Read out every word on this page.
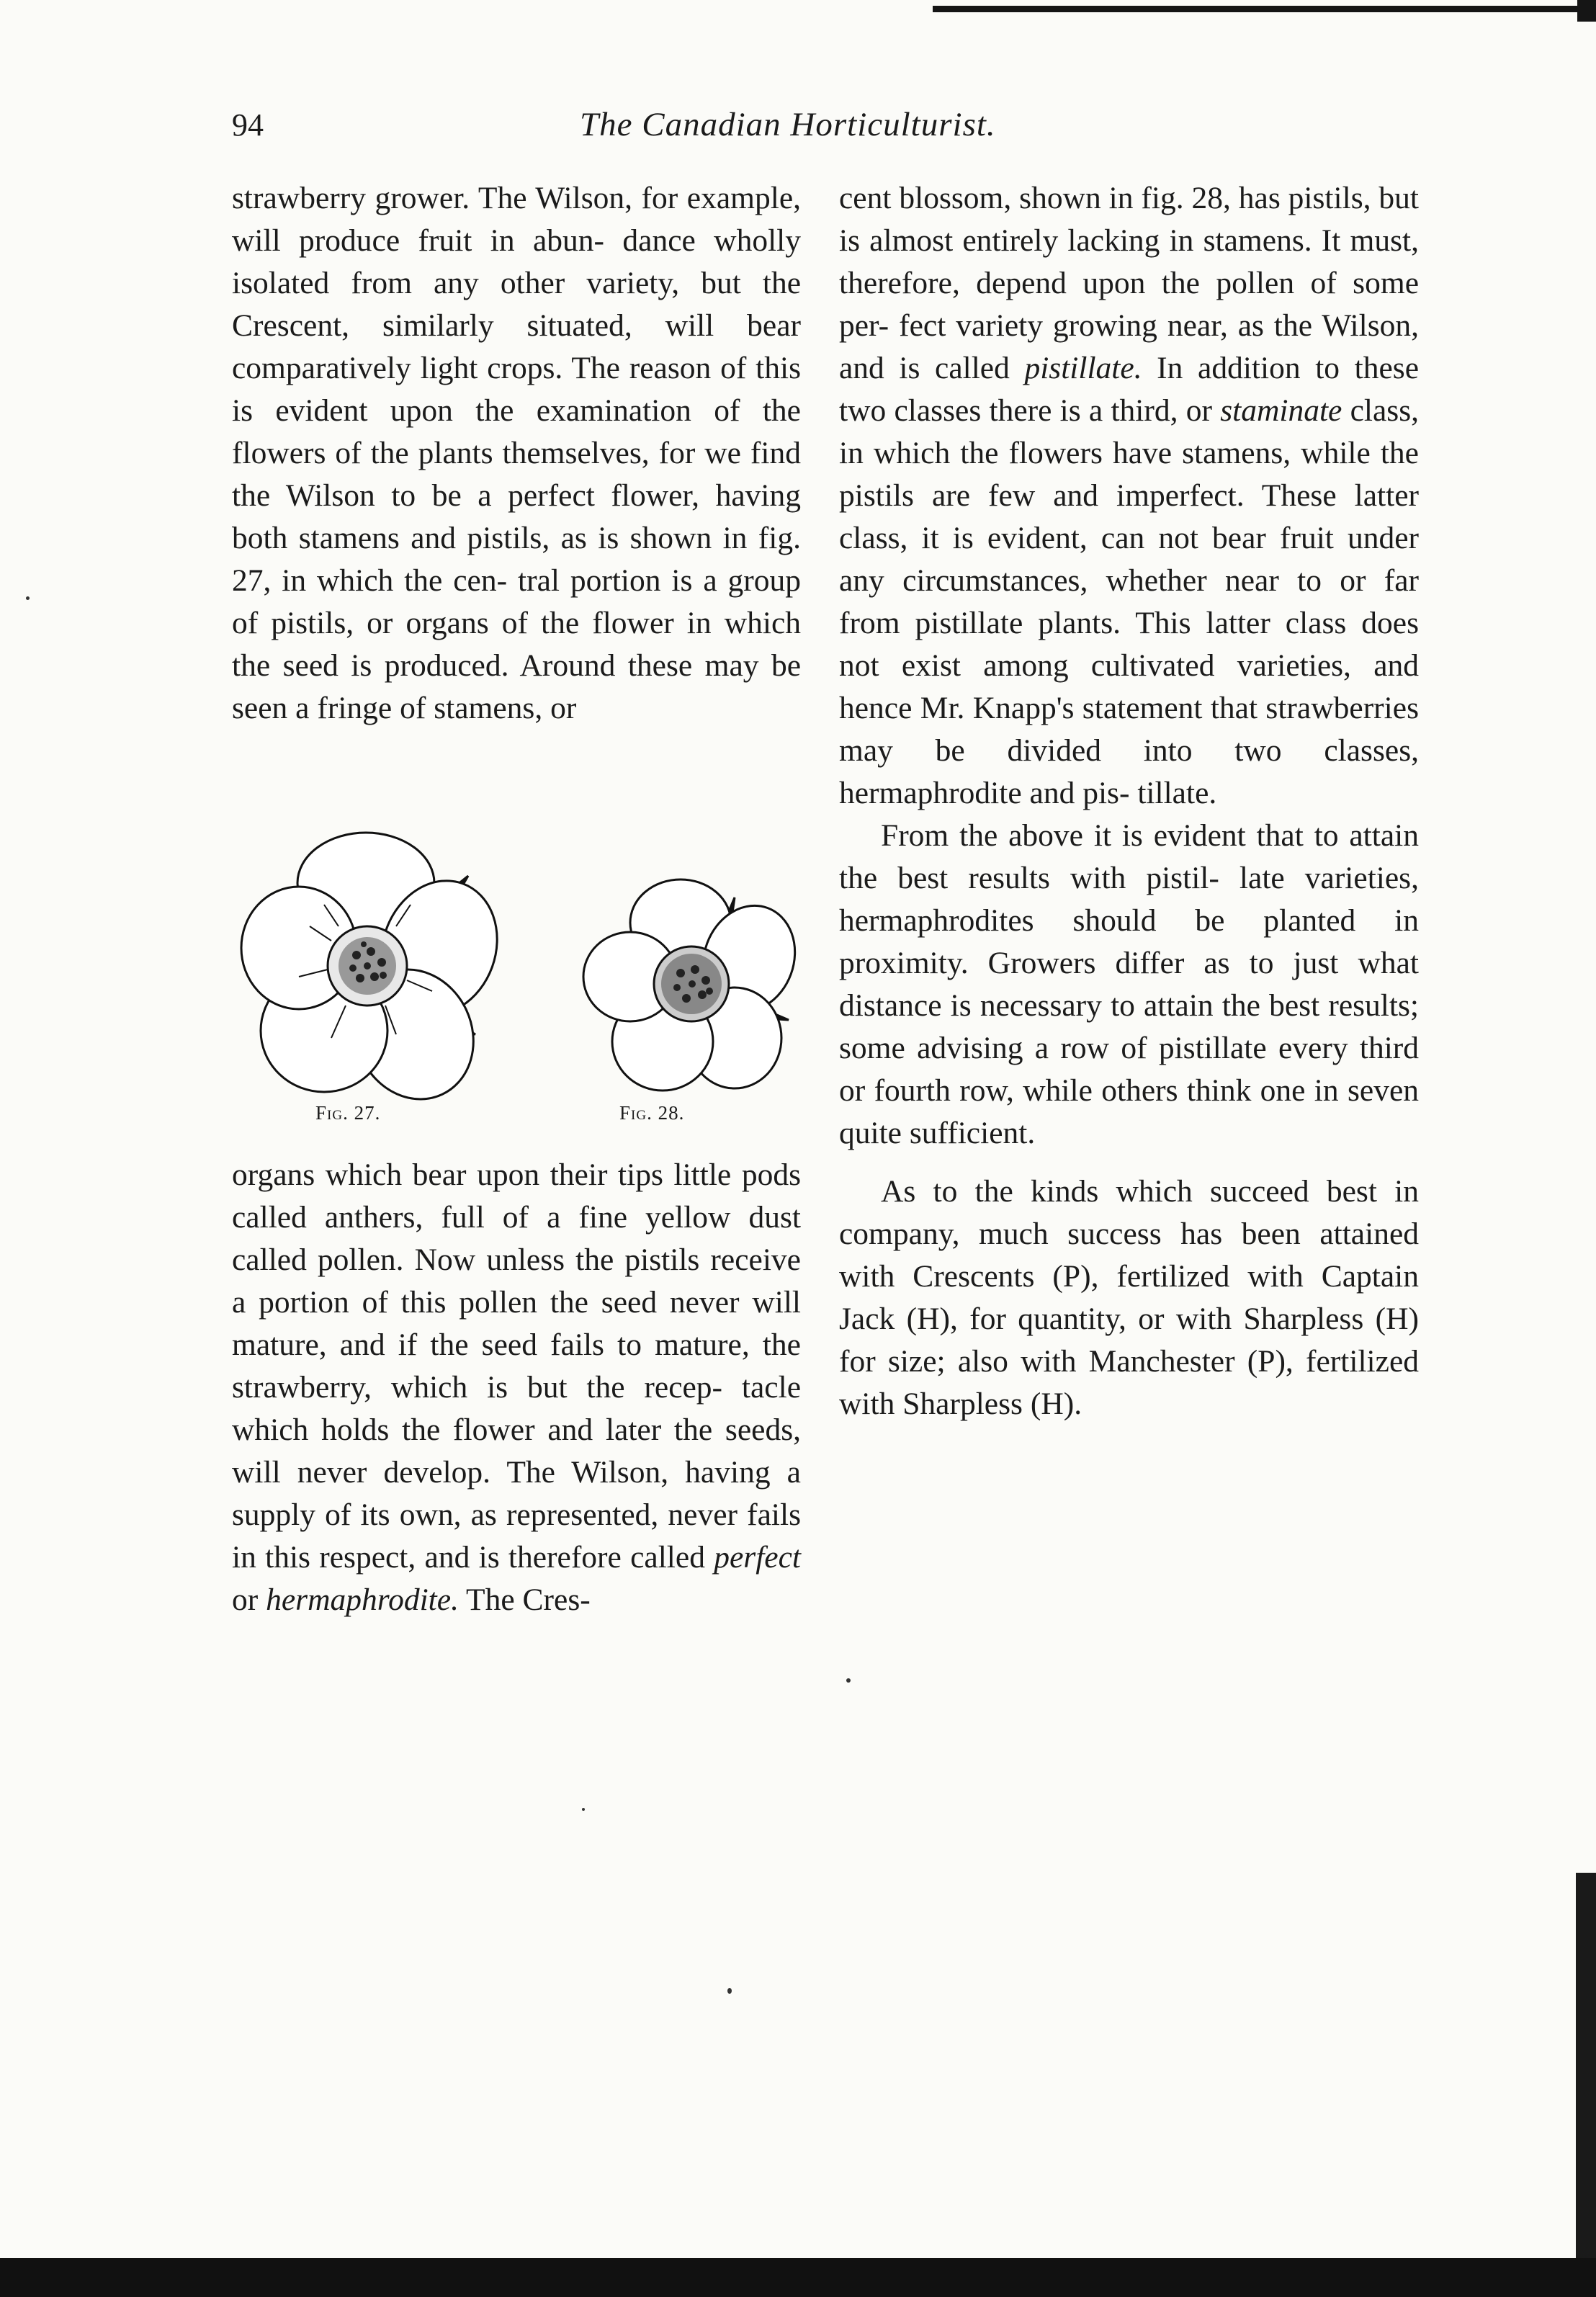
94	The Canadian Horticulturist.

strawberry grower. The Wilson, for example, will produce fruit in abun- dance wholly isolated from any other variety, but the Crescent, similarly situated, will bear comparatively light crops. The reason of this is evident upon the examination of the flowers of the plants themselves, for we find the Wilson to be a perfect flower, having both stamens and pistils, as is shown in fig. 27, in which the cen- tral portion is a group of pistils, or organs of the flower in which the seed is produced. Around these may be seen a fringe of stamens, or

Fig. 27.	Fig. 28.

organs which bear upon their tips little pods called anthers, full of a fine yellow dust called pollen. Now unless the pistils receive a portion of this pollen the seed never will mature, and if the seed fails to mature, the strawberry, which is but the recep- tacle which holds the flower and later the seeds, will never develop. The Wilson, having a supply of its own, as represented, never fails in this respect, and is therefore called perfect or hermaphrodite. The Cres-

cent blossom, shown in fig. 28, has pistils, but is almost entirely lacking in stamens. It must, therefore, depend upon the pollen of some per- fect variety growing near, as the Wilson, and is called pistillate. In addition to these two classes there is a third, or staminate class, in which the flowers have stamens, while the pistils are few and imperfect. These latter class, it is evident, can not bear fruit under any circumstances, whether near to or far from pistillate plants. This latter class does not exist among cultivated varieties, and hence Mr. Knapp's statement that strawberries may be divided into two classes, hermaphrodite and pis- tillate.

From the above it is evident that to attain the best results with pistil- late varieties, hermaphrodites should be planted in proximity. Growers differ as to just what distance is necessary to attain the best results; some advising a row of pistillate every third or fourth row, while others think one in seven quite sufficient.

As to the kinds which succeed best in company, much success has been attained with Crescents (P), fertilized with Captain Jack (H), for quantity, or with Sharpless (H) for size; also with Manchester (P), fertilized with Sharpless (H).
